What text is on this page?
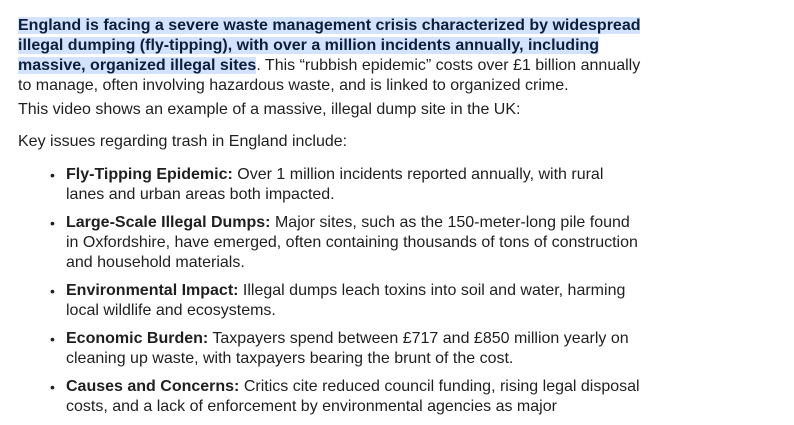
England is facing a severe waste management crisis characterized by widespread illegal dumping (fly-tipping), with over a million incidents annually, including massive, organized illegal sites. This “rubbish epidemic” costs over £1 billion annually to manage, often involving hazardous waste, and is linked to organized crime.

This video shows an example of a massive, illegal dump site in the UK:

Key issues regarding trash in England include:

• Fly-Tipping Epidemic: Over 1 million incidents reported annually, with rural lanes and urban areas both impacted.
• Large-Scale Illegal Dumps: Major sites, such as the 150-meter-long pile found in Oxfordshire, have emerged, often containing thousands of tons of construction and household materials.
• Environmental Impact: Illegal dumps leach toxins into soil and water, harming local wildlife and ecosystems.
• Economic Burden: Taxpayers spend between £717 and £850 million yearly on cleaning up waste, with taxpayers bearing the brunt of the cost.
• Causes and Concerns: Critics cite reduced council funding, rising legal disposal costs, and a lack of enforcement by environmental agencies as major
